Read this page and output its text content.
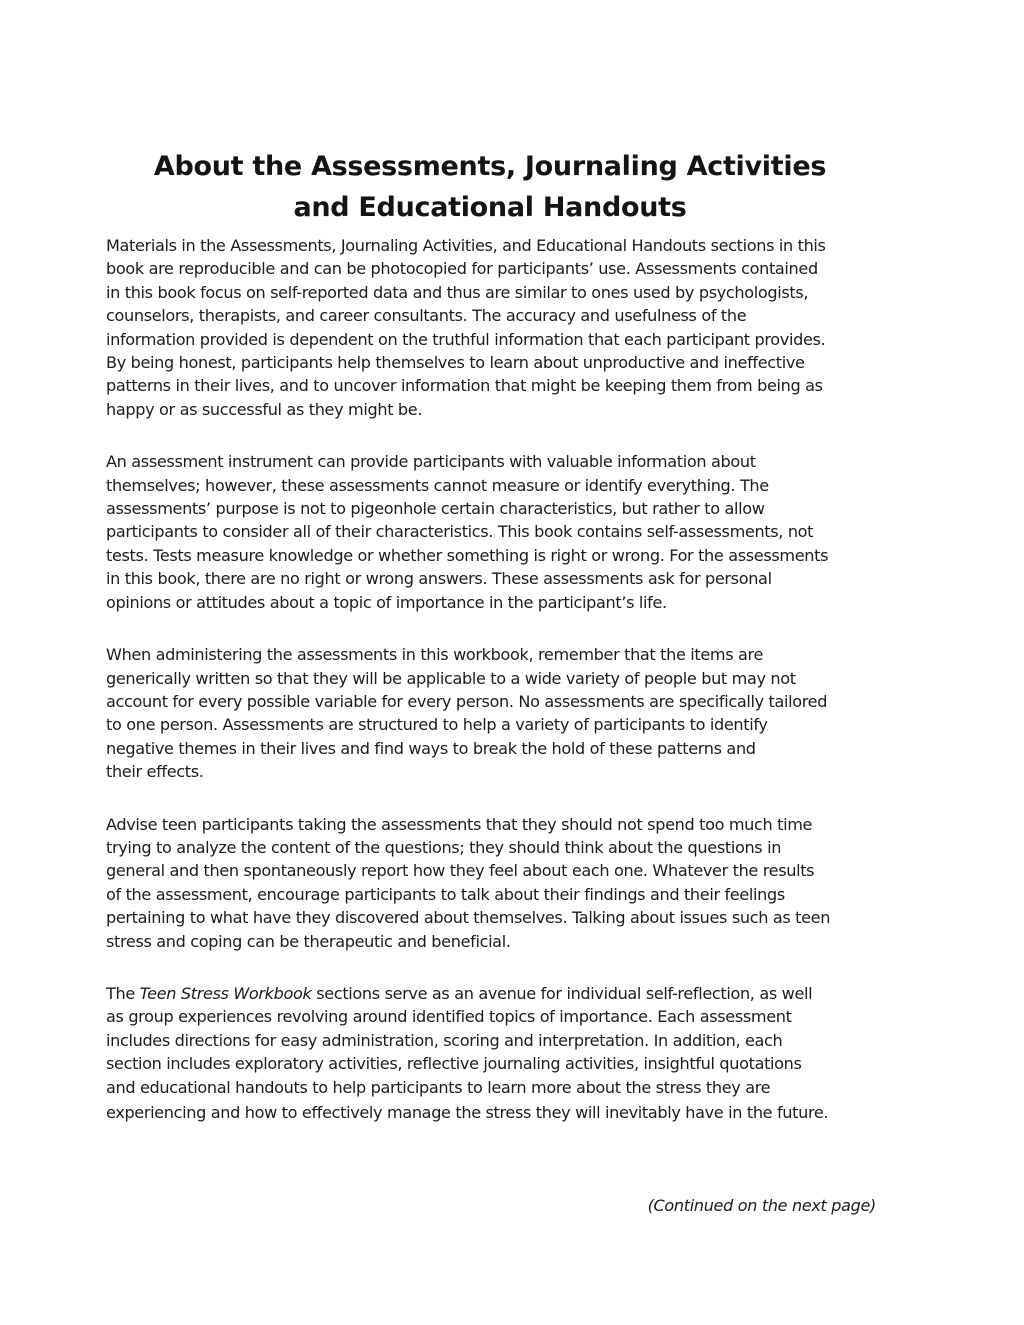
About the Assessments, Journaling Activities
and Educational Handouts

Materials in the Assessments, Journaling Activities, and Educational Handouts sections in this
book are reproducible and can be photocopied for participants’ use. Assessments contained
in this book focus on self-reported data and thus are similar to ones used by psychologists,
counselors, therapists, and career consultants. The accuracy and usefulness of the
information provided is dependent on the truthful information that each participant provides.
By being honest, participants help themselves to learn about unproductive and ineffective
patterns in their lives, and to uncover information that might be keeping them from being as
happy or as successful as they might be.

An assessment instrument can provide participants with valuable information about
themselves; however, these assessments cannot measure or identify everything. The
assessments’ purpose is not to pigeonhole certain characteristics, but rather to allow
participants to consider all of their characteristics. This book contains self-assessments, not
tests. Tests measure knowledge or whether something is right or wrong. For the assessments
in this book, there are no right or wrong answers. These assessments ask for personal
opinions or attitudes about a topic of importance in the participant’s life.

When administering the assessments in this workbook, remember that the items are
generically written so that they will be applicable to a wide variety of people but may not
account for every possible variable for every person. No assessments are specifically tailored
to one person. Assessments are structured to help a variety of participants to identify
negative themes in their lives and find ways to break the hold of these patterns and
their effects.

Advise teen participants taking the assessments that they should not spend too much time
trying to analyze the content of the questions; they should think about the questions in
general and then spontaneously report how they feel about each one. Whatever the results
of the assessment, encourage participants to talk about their findings and their feelings
pertaining to what have they discovered about themselves. Talking about issues such as teen
stress and coping can be therapeutic and beneficial.

The Teen Stress Workbook sections serve as an avenue for individual self-reflection, as well
as group experiences revolving around identified topics of importance. Each assessment
includes directions for easy administration, scoring and interpretation. In addition, each
section includes exploratory activities, reflective journaling activities, insightful quotations
and educational handouts to help participants to learn more about the stress they are
experiencing and how to effectively manage the stress they will inevitably have in the future.

(Continued on the next page)
